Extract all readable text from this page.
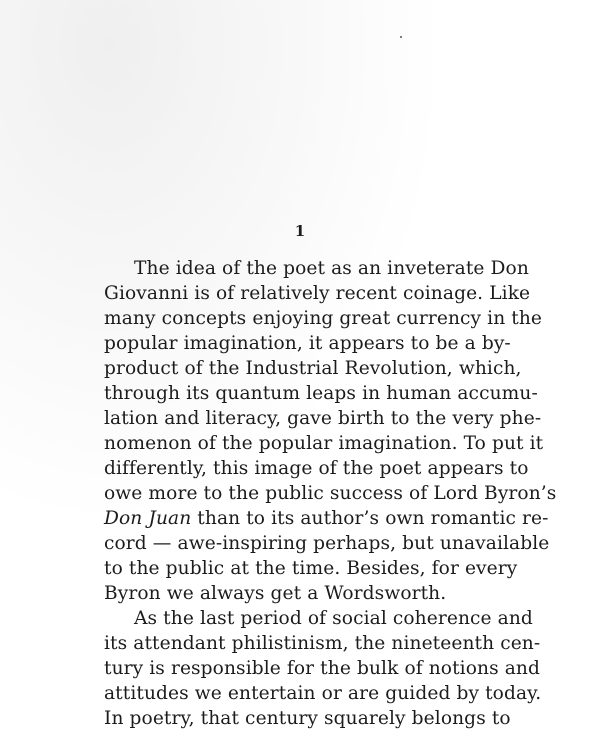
1
The idea of the poet as an inveterate Don
Giovanni is of relatively recent coinage. Like
many concepts enjoying great currency in the
popular imagination, it appears to be a by-
product of the Industrial Revolution, which,
through its quantum leaps in human accumu-
lation and literacy, gave birth to the very phe-
nomenon of the popular imagination. To put it
differently, this image of the poet appears to
owe more to the public success of Lord Byron’s
Don Juan than to its author’s own romantic re-
cord — awe-inspiring perhaps, but unavailable
to the public at the time. Besides, for every
Byron we always get a Wordsworth.
As the last period of social coherence and
its attendant philistinism, the nineteenth cen-
tury is responsible for the bulk of notions and
attitudes we entertain or are guided by today.
In poetry, that century squarely belongs to
